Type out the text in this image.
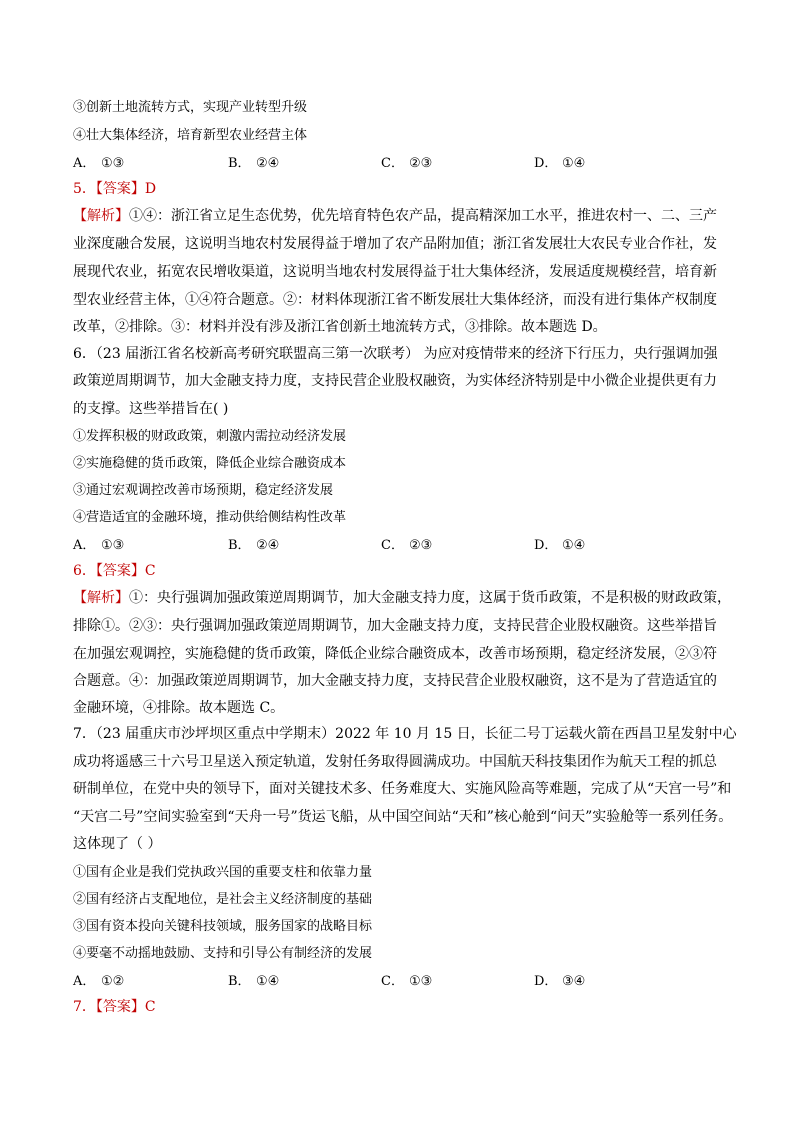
③创新土地流转方式，实现产业转型升级
④壮大集体经济，培育新型农业经营主体
A． ①③	B． ②④	C． ②③	D． ①④
5．【答案】D
【解析】①④：浙江省立足生态优势，优先培育特色农产品，提高精深加工水平，推进农村一、二、三产
业深度融合发展，这说明当地农村发展得益于增加了农产品附加值；浙江省发展壮大农民专业合作社，发
展现代农业，拓宽农民增收渠道，这说明当地农村发展得益于壮大集体经济，发展适度规模经营，培育新
型农业经营主体，①④符合题意。②：材料体现浙江省不断发展壮大集体经济，而没有进行集体产权制度
改革，②排除。③：材料并没有涉及浙江省创新土地流转方式，③排除。故本题选 D。
6．（23 届浙江省名校新高考研究联盟高三第一次联考） 为应对疫情带来的经济下行压力，央行强调加强
政策逆周期调节，加大金融支持力度，支持民营企业股权融资，为实体经济特别是中小微企业提供更有力
的支撑。这些举措旨在( )
①发挥积极的财政政策，刺激内需拉动经济发展
②实施稳健的货币政策，降低企业综合融资成本
③通过宏观调控改善市场预期，稳定经济发展
④营造适宜的金融环境，推动供给侧结构性改革
A． ①③	B． ②④	C． ②③	D． ①④
6．【答案】C
【解析】①：央行强调加强政策逆周期调节，加大金融支持力度，这属于货币政策，不是积极的财政政策，
排除①。②③：央行强调加强政策逆周期调节，加大金融支持力度，支持民营企业股权融资。这些举措旨
在加强宏观调控，实施稳健的货币政策，降低企业综合融资成本，改善市场预期，稳定经济发展，②③符
合题意。④：加强政策逆周期调节，加大金融支持力度，支持民营企业股权融资，这不是为了营造适宜的
金融环境，④排除。故本题选 C。
7．（23 届重庆市沙坪坝区重点中学期末）2022 年 10 月 15 日，长征二号丁运载火箭在西昌卫星发射中心
成功将遥感三十六号卫星送入预定轨道，发射任务取得圆满成功。中国航天科技集团作为航天工程的抓总
研制单位，在党中央的领导下，面对关键技术多、任务难度大、实施风险高等难题，完成了从“天宫一号”和
“天宫二号”空间实验室到“天舟一号”货运飞船，从中国空间站“天和”核心舱到“问天”实验舱等一系列任务。
这体现了（ ）
①国有企业是我们党执政兴国的重要支柱和依靠力量
②国有经济占支配地位，是社会主义经济制度的基础
③国有资本投向关键科技领域，服务国家的战略目标
④要毫不动摇地鼓励、支持和引导公有制经济的发展
A． ①②	B． ①④	C． ①③	D． ③④
7．【答案】C
